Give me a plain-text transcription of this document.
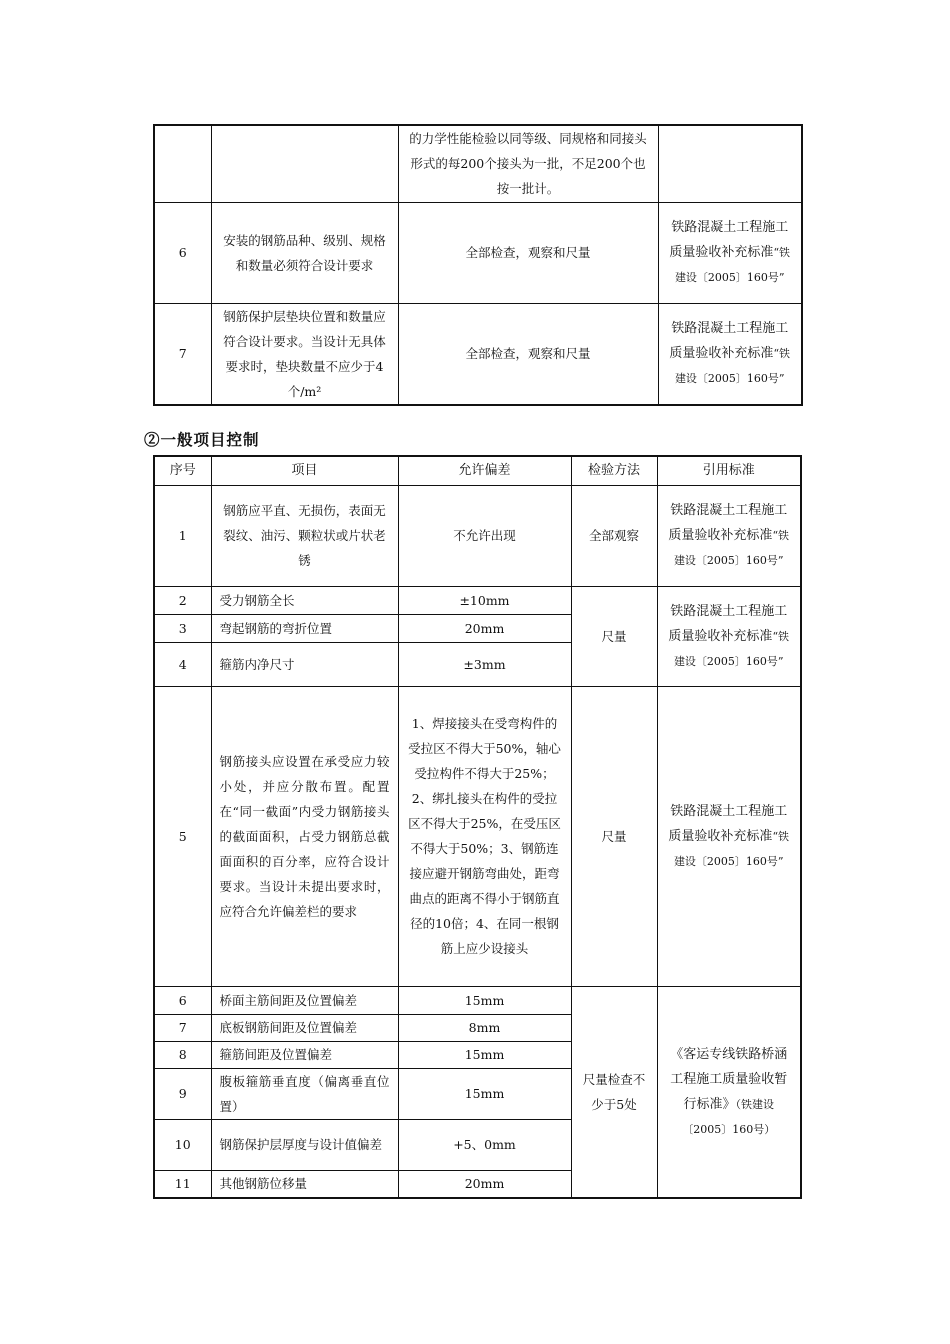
		的力学性能检验以同等级、同规格和同接头形式的每200个接头为一批，不足200个也按一批计。	
6	安装的钢筋品种、级别、规格和数量必须符合设计要求	全部检查，观察和尺量	铁路混凝土工程施工质量验收补充标准“铁建设〔2005〕160号”
7	钢筋保护层垫块位置和数量应符合设计要求。当设计无具体要求时，垫块数量不应少于4个/m²	全部检查，观察和尺量	铁路混凝土工程施工质量验收补充标准“铁建设〔2005〕160号”
②一般项目控制
序号	项目	允许偏差	检验方法	引用标准
1	钢筋应平直、无损伤，表面无裂纹、油污、颗粒状或片状老锈	不允许出现	全部观察	铁路混凝土工程施工质量验收补充标准“铁建设〔2005〕160号”
2	受力钢筋全长	±10mm	尺量	铁路混凝土工程施工质量验收补充标准“铁建设〔2005〕160号”
3	弯起钢筋的弯折位置	20mm		
4	箍筋内净尺寸	±3mm		
5	钢筋接头应设置在承受应力较小处，并应分散布置。配置在“同一截面”内受力钢筋接头的截面面积，占受力钢筋总截面面积的百分率，应符合设计要求。当设计未提出要求时，应符合允许偏差栏的要求	1、焊接接头在受弯构件的受拉区不得大于50%，轴心受拉构件不得大于25%；2、绑扎接头在构件的受拉区不得大于25%，在受压区不得大于50%；3、钢筋连接应避开钢筋弯曲处，距弯曲点的距离不得小于钢筋直径的10倍；4、在同一根钢筋上应少设接头	尺量	铁路混凝土工程施工质量验收补充标准“铁建设〔2005〕160号”
6	桥面主筋间距及位置偏差	15mm	尺量检查不少于5处	《客运专线铁路桥涵工程施工质量验收暂行标准》（铁建设〔2005〕160号）
7	底板钢筋间距及位置偏差	8mm		
8	箍筋间距及位置偏差	15mm		
9	腹板箍筋垂直度（偏离垂直位置）	15mm		
10	钢筋保护层厚度与设计值偏差	+5、0mm		
11	其他钢筋位移量	20mm		
